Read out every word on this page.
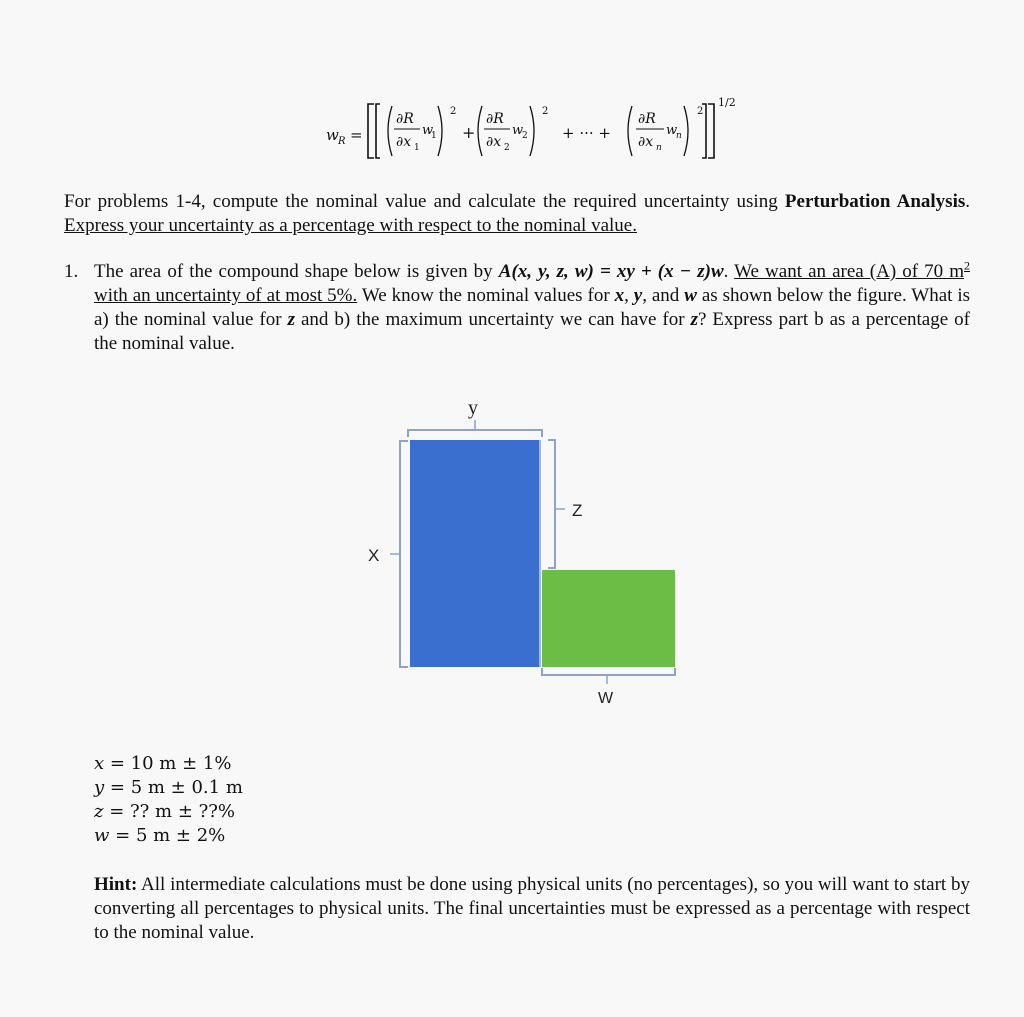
w R =
∂R
∂x 1
w
1
2
+
∂R
∂x 2
w
2
2
+ ··· +
∂R
∂x n
w
n
2
1/2
For problems 1-4, compute the nominal value and calculate the required uncertainty using Perturbation Analysis. Express your uncertainty as a percentage with respect to the nominal value.
1. The area of the compound shape below is given by A(x, y, z, w) = xy + (x − z)w. We want an area (A) of 70 $m^2$ with an uncertainty of at most 5%. We know the nominal values for x, y, and w as shown below the figure. What is a) the nominal value for z and b) the maximum uncertainty we can have for z? Express part b as a percentage of the nominal value.
y
X
Z
W
x = 10 m ± 1%
y = 5 m ± 0.1 m
z = ?? m ± ??%
w = 5 m ± 2%
Hint: All intermediate calculations must be done using physical units (no percentages), so you will want to start by converting all percentages to physical units. The final uncertainties must be expressed as a percentage with respect to the nominal value.
